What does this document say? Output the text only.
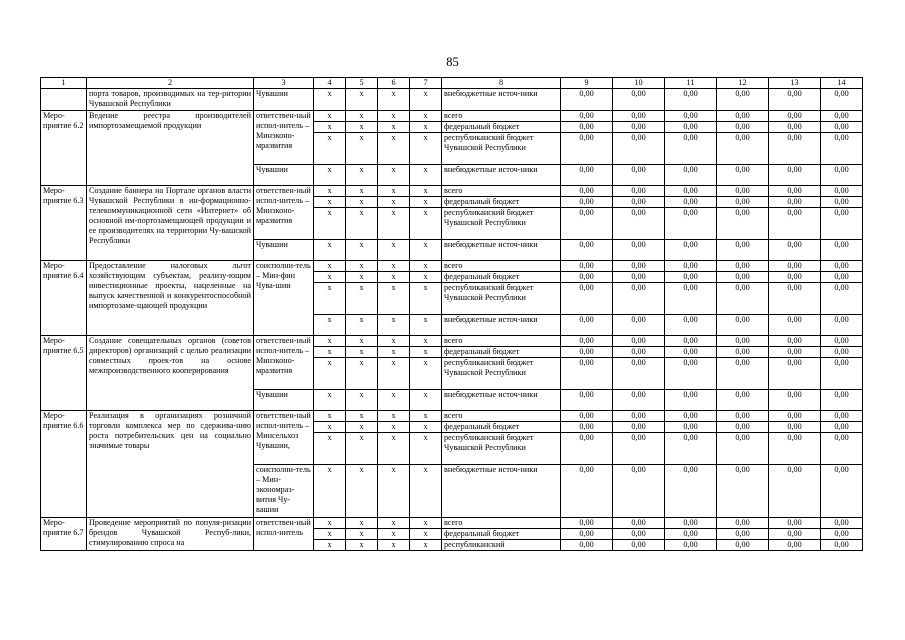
85
1	2	3	4	5	6	7	8	9	10	11	12	13	14
	порта товаров, производимых на тер-ритории Чувашской Республики	Чувашии	x	x	x	x	внебюджетные источ-ники	0,00	0,00	0,00	0,00	0,00	0,00
Меро-приятие 6.2	Ведение реестра производителей импортозамещаемой продукции	ответствен-ный испол-нитель – Минэконо-мразвития	x	x	x	x	всего	0,00	0,00	0,00	0,00	0,00	0,00
			x	x	x	x	федеральный бюджет	0,00	0,00	0,00	0,00	0,00	0,00
			x	x	x	x	республиканский бюджет Чувашской Республики	0,00	0,00	0,00	0,00	0,00	0,00
		Чувашии	x	x	x	x	внебюджетные источ-ники	0,00	0,00	0,00	0,00	0,00	0,00
Меро-приятие 6.3	Создание баннера на Портале органов власти Чувашской Республики в ин-формационно-телекоммуникационной сети «Интернет» об основной им-портозамещающей продукции и ее производителях на территории Чу-вашской Республики	ответствен-ный испол-нитель – Минэконо-мразвития	x	x	x	x	всего	0,00	0,00	0,00	0,00	0,00	0,00
			x	x	x	x	федеральный бюджет	0,00	0,00	0,00	0,00	0,00	0,00
			x	x	x	x	республиканский бюджет Чувашской Республики	0,00	0,00	0,00	0,00	0,00	0,00
		Чувашии	x	x	x	x	внебюджетные источ-ники	0,00	0,00	0,00	0,00	0,00	0,00
Меро-приятие 6.4	Предоставление налоговых льгот хозяйствующим субъектам, реализу-ющим инвестиционные проекты, нацеленные на выпуск качественной и конкурентоспособной импортозаме-щающей продукции	соисполни-тель – Мин-фин Чува-шии	x	x	x	x	всего	0,00	0,00	0,00	0,00	0,00	0,00
			x	x	x	x	федеральный бюджет	0,00	0,00	0,00	0,00	0,00	0,00
			x	x	x	x	республиканский бюджет Чувашской Республики	0,00	0,00	0,00	0,00	0,00	0,00
			x	x	x	x	внебюджетные источ-ники	0,00	0,00	0,00	0,00	0,00	0,00
Меро-приятие 6.5	Создание совещательных органов (советов директоров) организаций с целью реализации совместных проек-тов на основе межпроизводственного кооперирования	ответствен-ный испол-нитель – Минэконо-мразвития	x	x	x	x	всего	0,00	0,00	0,00	0,00	0,00	0,00
			x	x	x	x	федеральный бюджет	0,00	0,00	0,00	0,00	0,00	0,00
			x	x	x	x	республиканский бюджет Чувашской Республики	0,00	0,00	0,00	0,00	0,00	0,00
		Чувашии	x	x	x	x	внебюджетные источ-ники	0,00	0,00	0,00	0,00	0,00	0,00
Меро-приятие 6.6	Реализация в организациях розничной торговли комплекса мер по сдержива-нию роста потребительских цен на социально значимые товары	ответствен-ный испол-нитель – Минсельхоз Чувашии,	x	x	x	x	всего	0,00	0,00	0,00	0,00	0,00	0,00
			x	x	x	x	федеральный бюджет	0,00	0,00	0,00	0,00	0,00	0,00
			x	x	x	x	республиканский бюджет Чувашской Республики	0,00	0,00	0,00	0,00	0,00	0,00
		соисполни-тель – Мин-экономраз-вития Чу-вашии	x	x	x	x	внебюджетные источ-ники	0,00	0,00	0,00	0,00	0,00	0,00
Меро-приятие 6.7	Проведение мероприятий по популя-ризации брендов Чувашской Респуб-лики, стимулированию спроса на	ответствен-ный испол-нитель	x	x	x	x	всего	0,00	0,00	0,00	0,00	0,00	0,00
			x	x	x	x	федеральный бюджет	0,00	0,00	0,00	0,00	0,00	0,00
			x	x	x	x	республиканский	0,00	0,00	0,00	0,00	0,00	0,00
